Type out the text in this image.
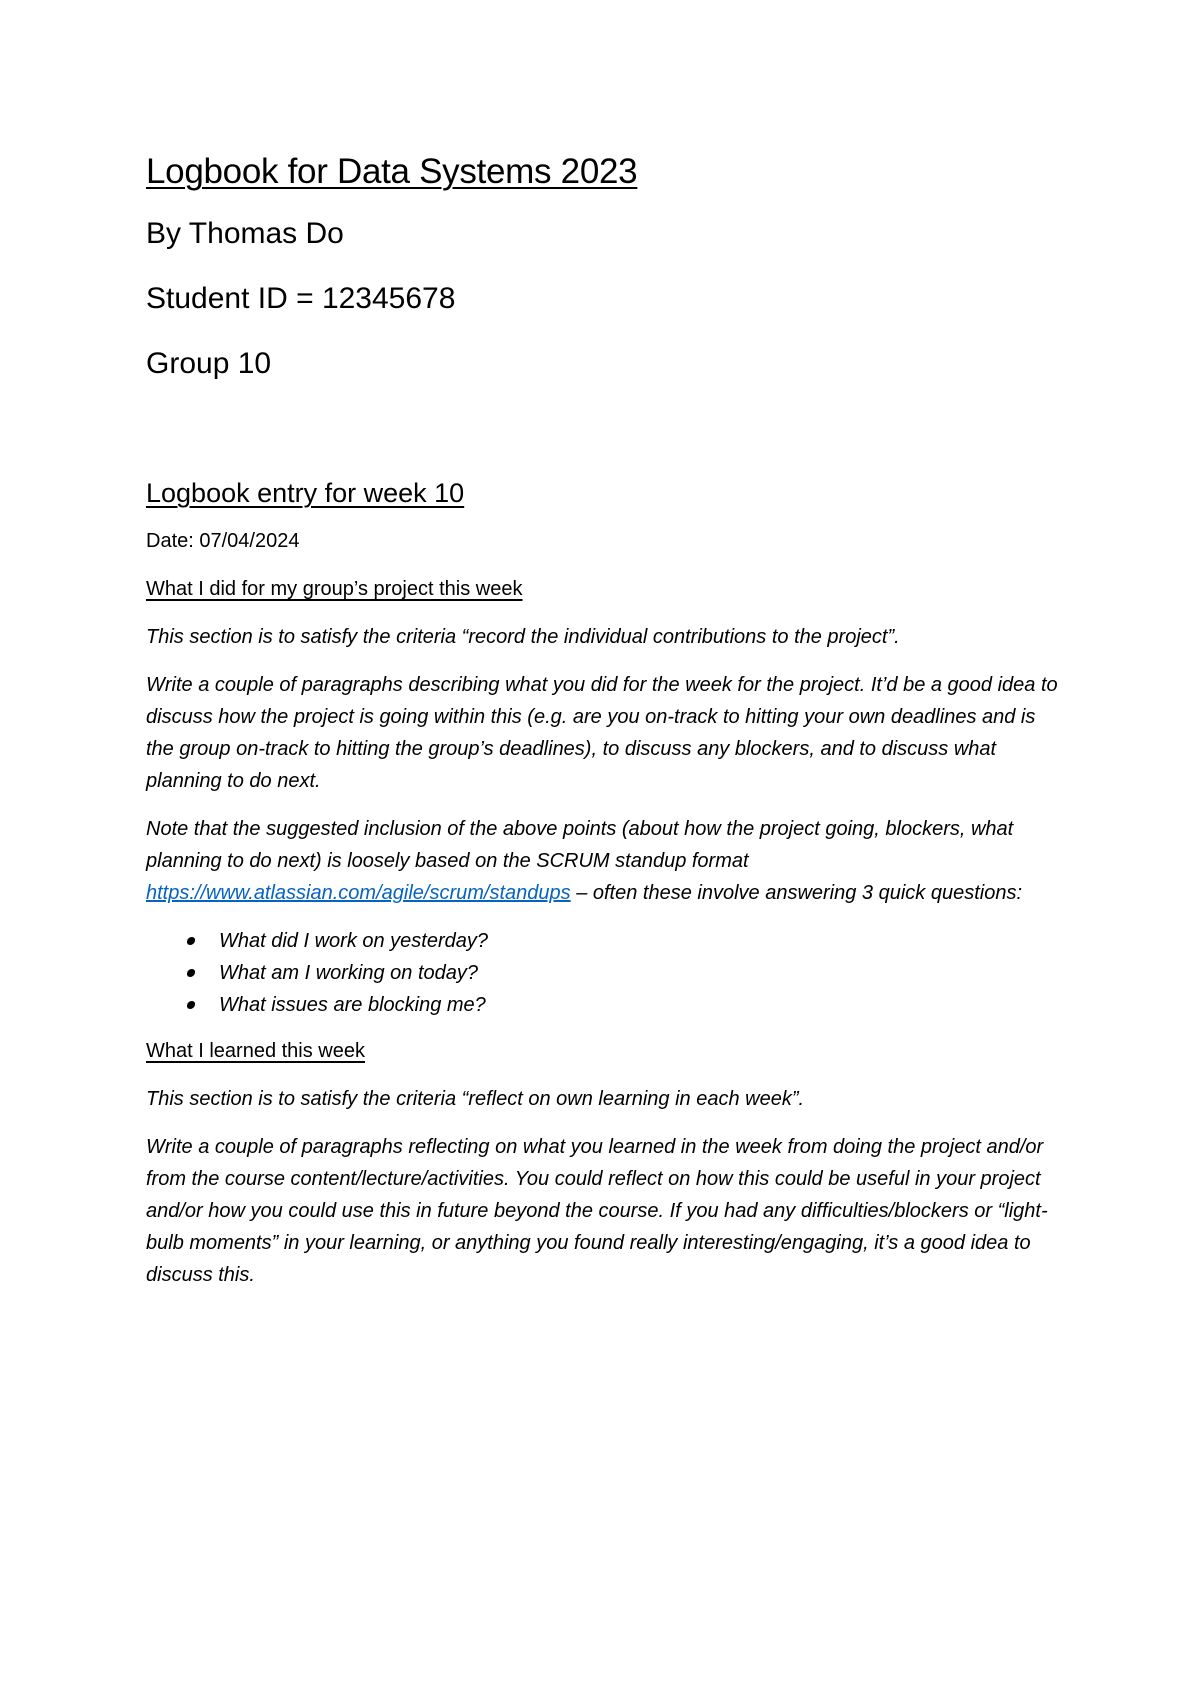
Logbook for Data Systems 2023

By Thomas Do

Student ID = 12345678

Group 10

Logbook entry for week 10

Date: 07/04/2024

What I did for my group’s project this week

This section is to satisfy the criteria “record the individual contributions to the project”.

Write a couple of paragraphs describing what you did for the week for the project. It’d be a good idea to discuss how the project is going within this (e.g. are you on-track to hitting your own deadlines and is the group on-track to hitting the group’s deadlines), to discuss any blockers, and to discuss what planning to do next.

Note that the suggested inclusion of the above points (about how the project going, blockers, what planning to do next) is loosely based on the SCRUM standup format https://www.atlassian.com/agile/scrum/standups – often these involve answering 3 quick questions:

What did I work on yesterday?
What am I working on today?
What issues are blocking me?

What I learned this week

This section is to satisfy the criteria “reflect on own learning in each week”.

Write a couple of paragraphs reflecting on what you learned in the week from doing the project and/or from the course content/lecture/activities. You could reflect on how this could be useful in your project and/or how you could use this in future beyond the course. If you had any difficulties/blockers or “light-bulb moments” in your learning, or anything you found really interesting/engaging, it’s a good idea to discuss this.
